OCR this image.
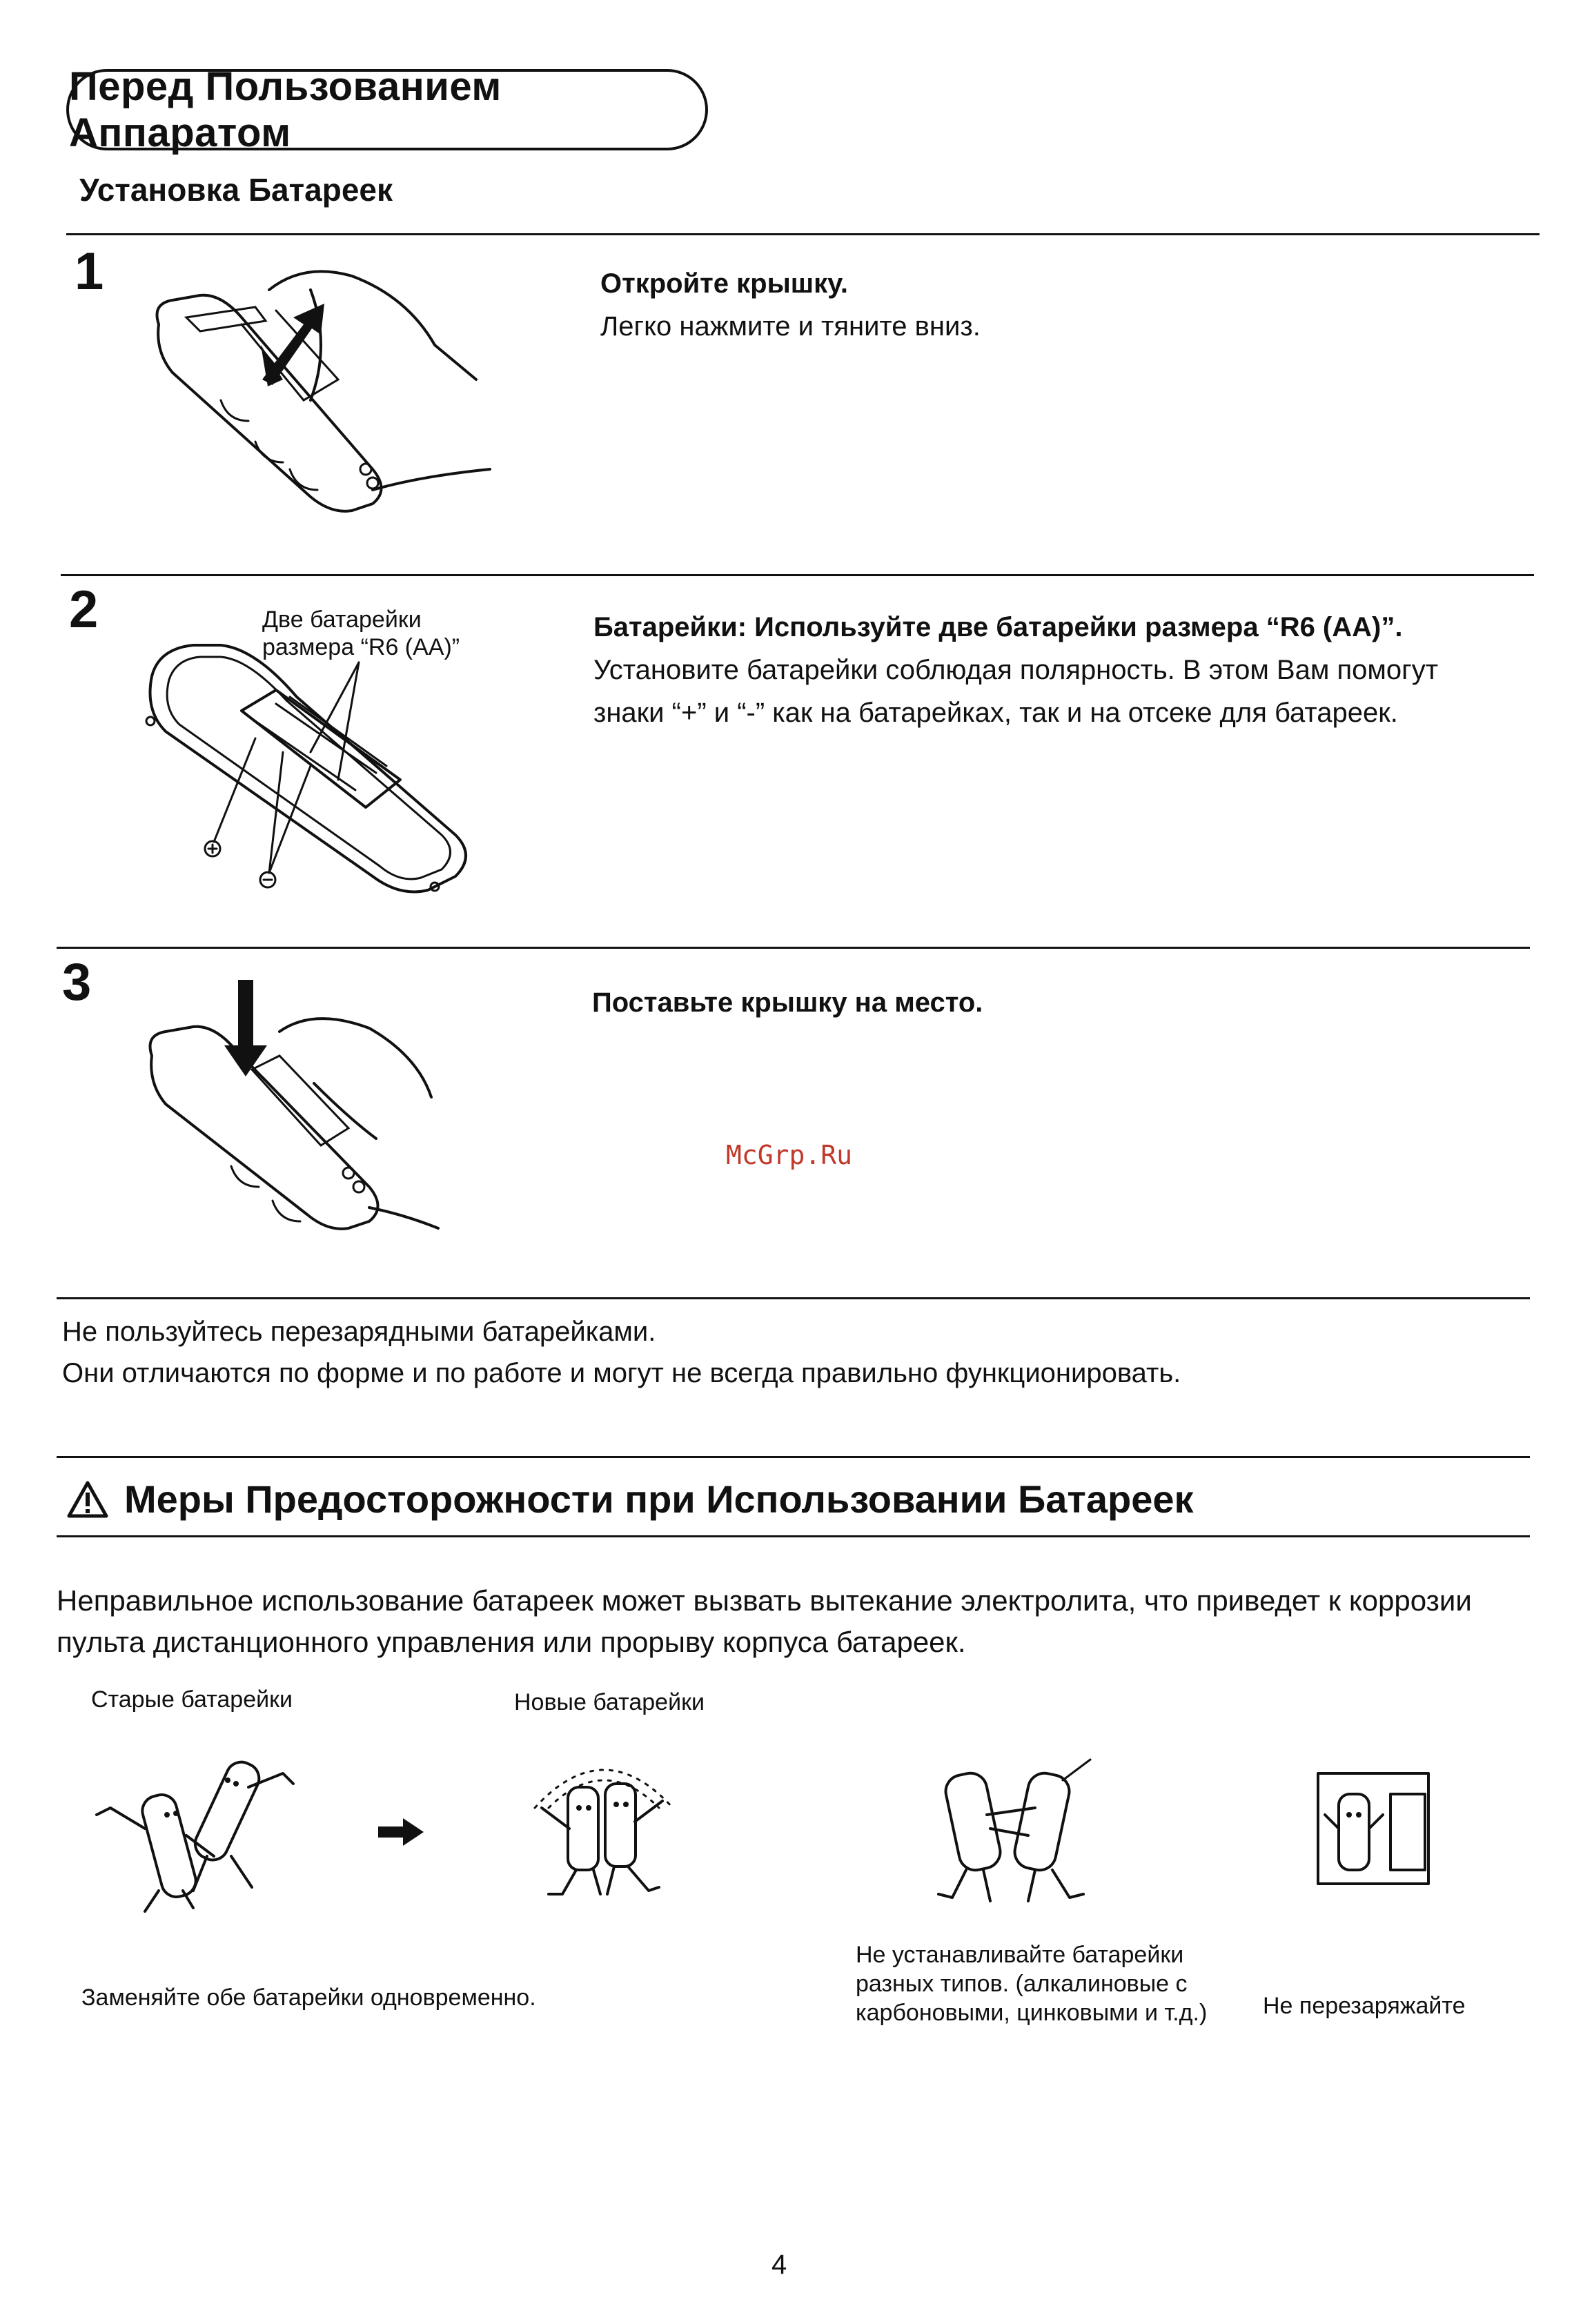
Перед Пользованием Аппаратом
Установка Батареек
1	Откройте крышку.
Легко нажмите и тяните вниз.
2	Две батарейки
размера “R6 (AA)”
Батарейки: Используйте две батарейки размера “R6 (AA)”.
Установите батарейки соблюдая полярность. В этом Вам помогут
знаки “+” и “-” как на батарейках, так и на отсеке для батареек.
3	Поставьте крышку на место.
McGrp.Ru
Не пользуйтесь перезарядными батарейками.
Они отличаются по форме и по работе и могут не всегда правильно функционировать.
Меры Предосторожности при Использовании Батареек
Неправильное использование батареек может вызвать вытекание электролита, что приведет к коррозии
пульта дистанционного управления или прорыву корпуса батареек.
Старые батарейки	Новые батарейки
Заменяйте обе батарейки одновременно.
Не устанавливайте батарейки
разных типов. (алкалиновые с
карбоновыми, цинковыми и т.д.) Не перезаряжайте
4
